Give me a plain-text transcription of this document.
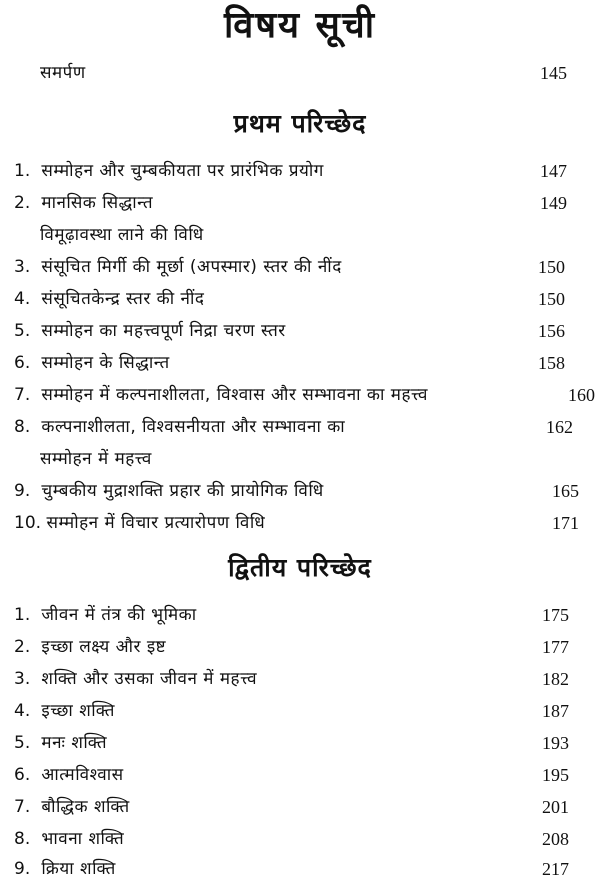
विषय सूची
समर्पण	145
प्रथम परिच्छेद
1. सम्मोहन और चुम्बकीयता पर प्रारंभिक प्रयोग	147
2. मानसिक सिद्धान्त	149
विमूढ़ावस्था लाने की विधि
3. संसूचित मिर्गी की मूर्छा (अपस्मार) स्तर की नींद	150
4. संसूचितकेन्द्र स्तर की नींद	150
5. सम्मोहन का महत्त्वपूर्ण निद्रा चरण स्तर	156
6. सम्मोहन के सिद्धान्त	158
7. सम्मोहन में कल्पनाशीलता, विश्वास और सम्भावना का महत्त्व	160
8. कल्पनाशीलता, विश्वसनीयता और सम्भावना का	162
सम्मोहन में महत्त्व
9. चुम्बकीय मुद्राशक्ति प्रहार की प्रायोगिक विधि	165
10. सम्मोहन में विचार प्रत्यारोपण विधि	171
द्वितीय परिच्छेद
1. जीवन में तंत्र की भूमिका	175
2. इच्छा लक्ष्य और इष्ट	177
3. शक्ति और उसका जीवन में महत्त्व	182
4. इच्छा शक्ति	187
5. मनः शक्ति	193
6. आत्मविश्वास	195
7. बौद्धिक शक्ति	201
8. भावना शक्ति	208
9. क्रिया शक्ति	217
